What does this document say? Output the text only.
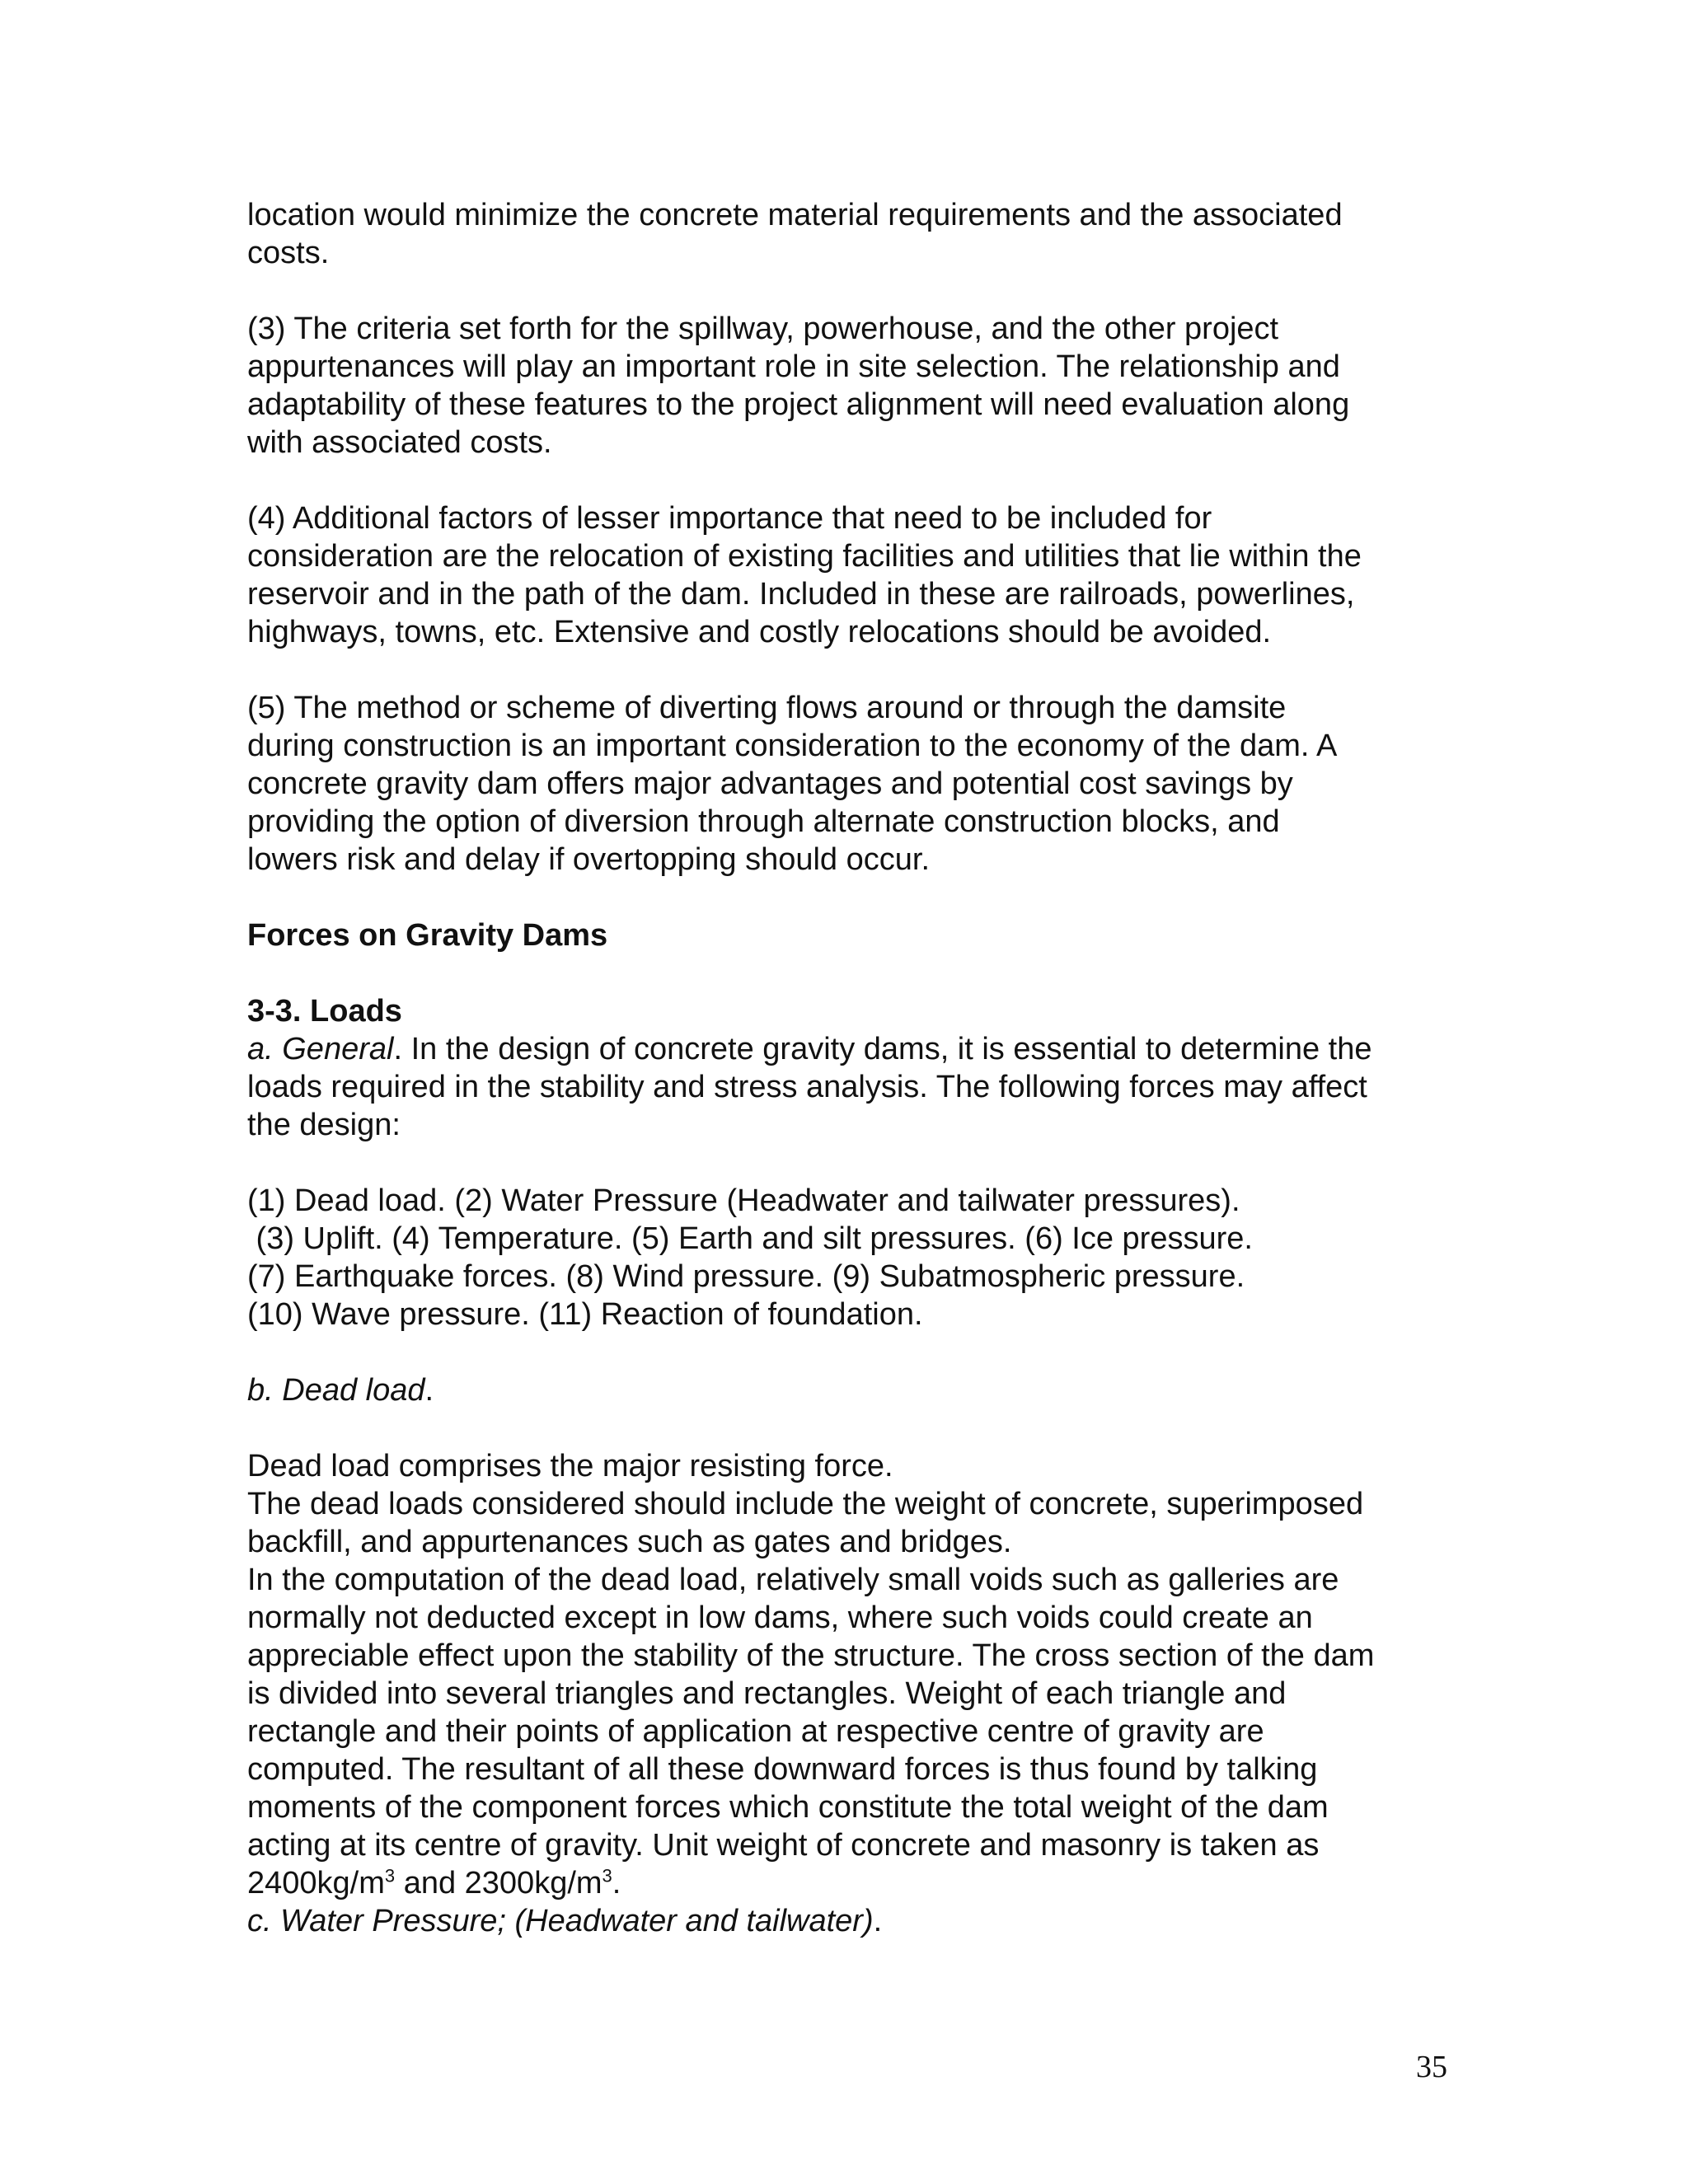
location would minimize the concrete material requirements and the associated

costs.

(3) The criteria set forth for the spillway, powerhouse, and the other project

appurtenances will play an important role in site selection. The relationship and

adaptability of these features to the project alignment will need evaluation along

with associated costs.

(4) Additional factors of lesser importance that need to be included for

consideration are the relocation of existing facilities and utilities that lie within the

reservoir and in the path of the dam. Included in these are railroads, powerlines,

highways, towns, etc. Extensive and costly relocations should be avoided.

(5) The method or scheme of diverting flows around or through the damsite

during construction is an important consideration to the economy of the dam. A

concrete gravity dam offers major advantages and potential cost savings by

providing the option of diversion through alternate construction blocks, and

lowers risk and delay if overtopping should occur.

Forces on Gravity Dams

3-3. Loads

a. General. In the design of concrete gravity dams, it is essential to determine the

loads required in the stability and stress analysis. The following forces may affect

the design:

(1) Dead load. (2) Water Pressure (Headwater and tailwater pressures).

(3) Uplift. (4) Temperature. (5) Earth and silt pressures. (6) Ice pressure.

(7) Earthquake forces. (8) Wind pressure. (9) Subatmospheric pressure.

(10) Wave pressure. (11) Reaction of foundation.

b. Dead load.

Dead load comprises the major resisting force.

The dead loads considered should include the weight of concrete, superimposed

backfill, and appurtenances such as gates and bridges.

In the computation of the dead load, relatively small voids such as galleries are

normally not deducted except in low dams, where such voids could create an

appreciable effect upon the stability of the structure. The cross section of the dam

is divided into several triangles and rectangles. Weight of each triangle and

rectangle and their points of application at respective centre of gravity are

computed. The resultant of all these downward forces is thus found by talking

moments of the component forces which constitute the total weight of the dam

acting at its centre of gravity. Unit weight of concrete and masonry is taken as

$2400kg/m^3$ and $2300kg/m^3$.

c. Water Pressure; (Headwater and tailwater).

35
